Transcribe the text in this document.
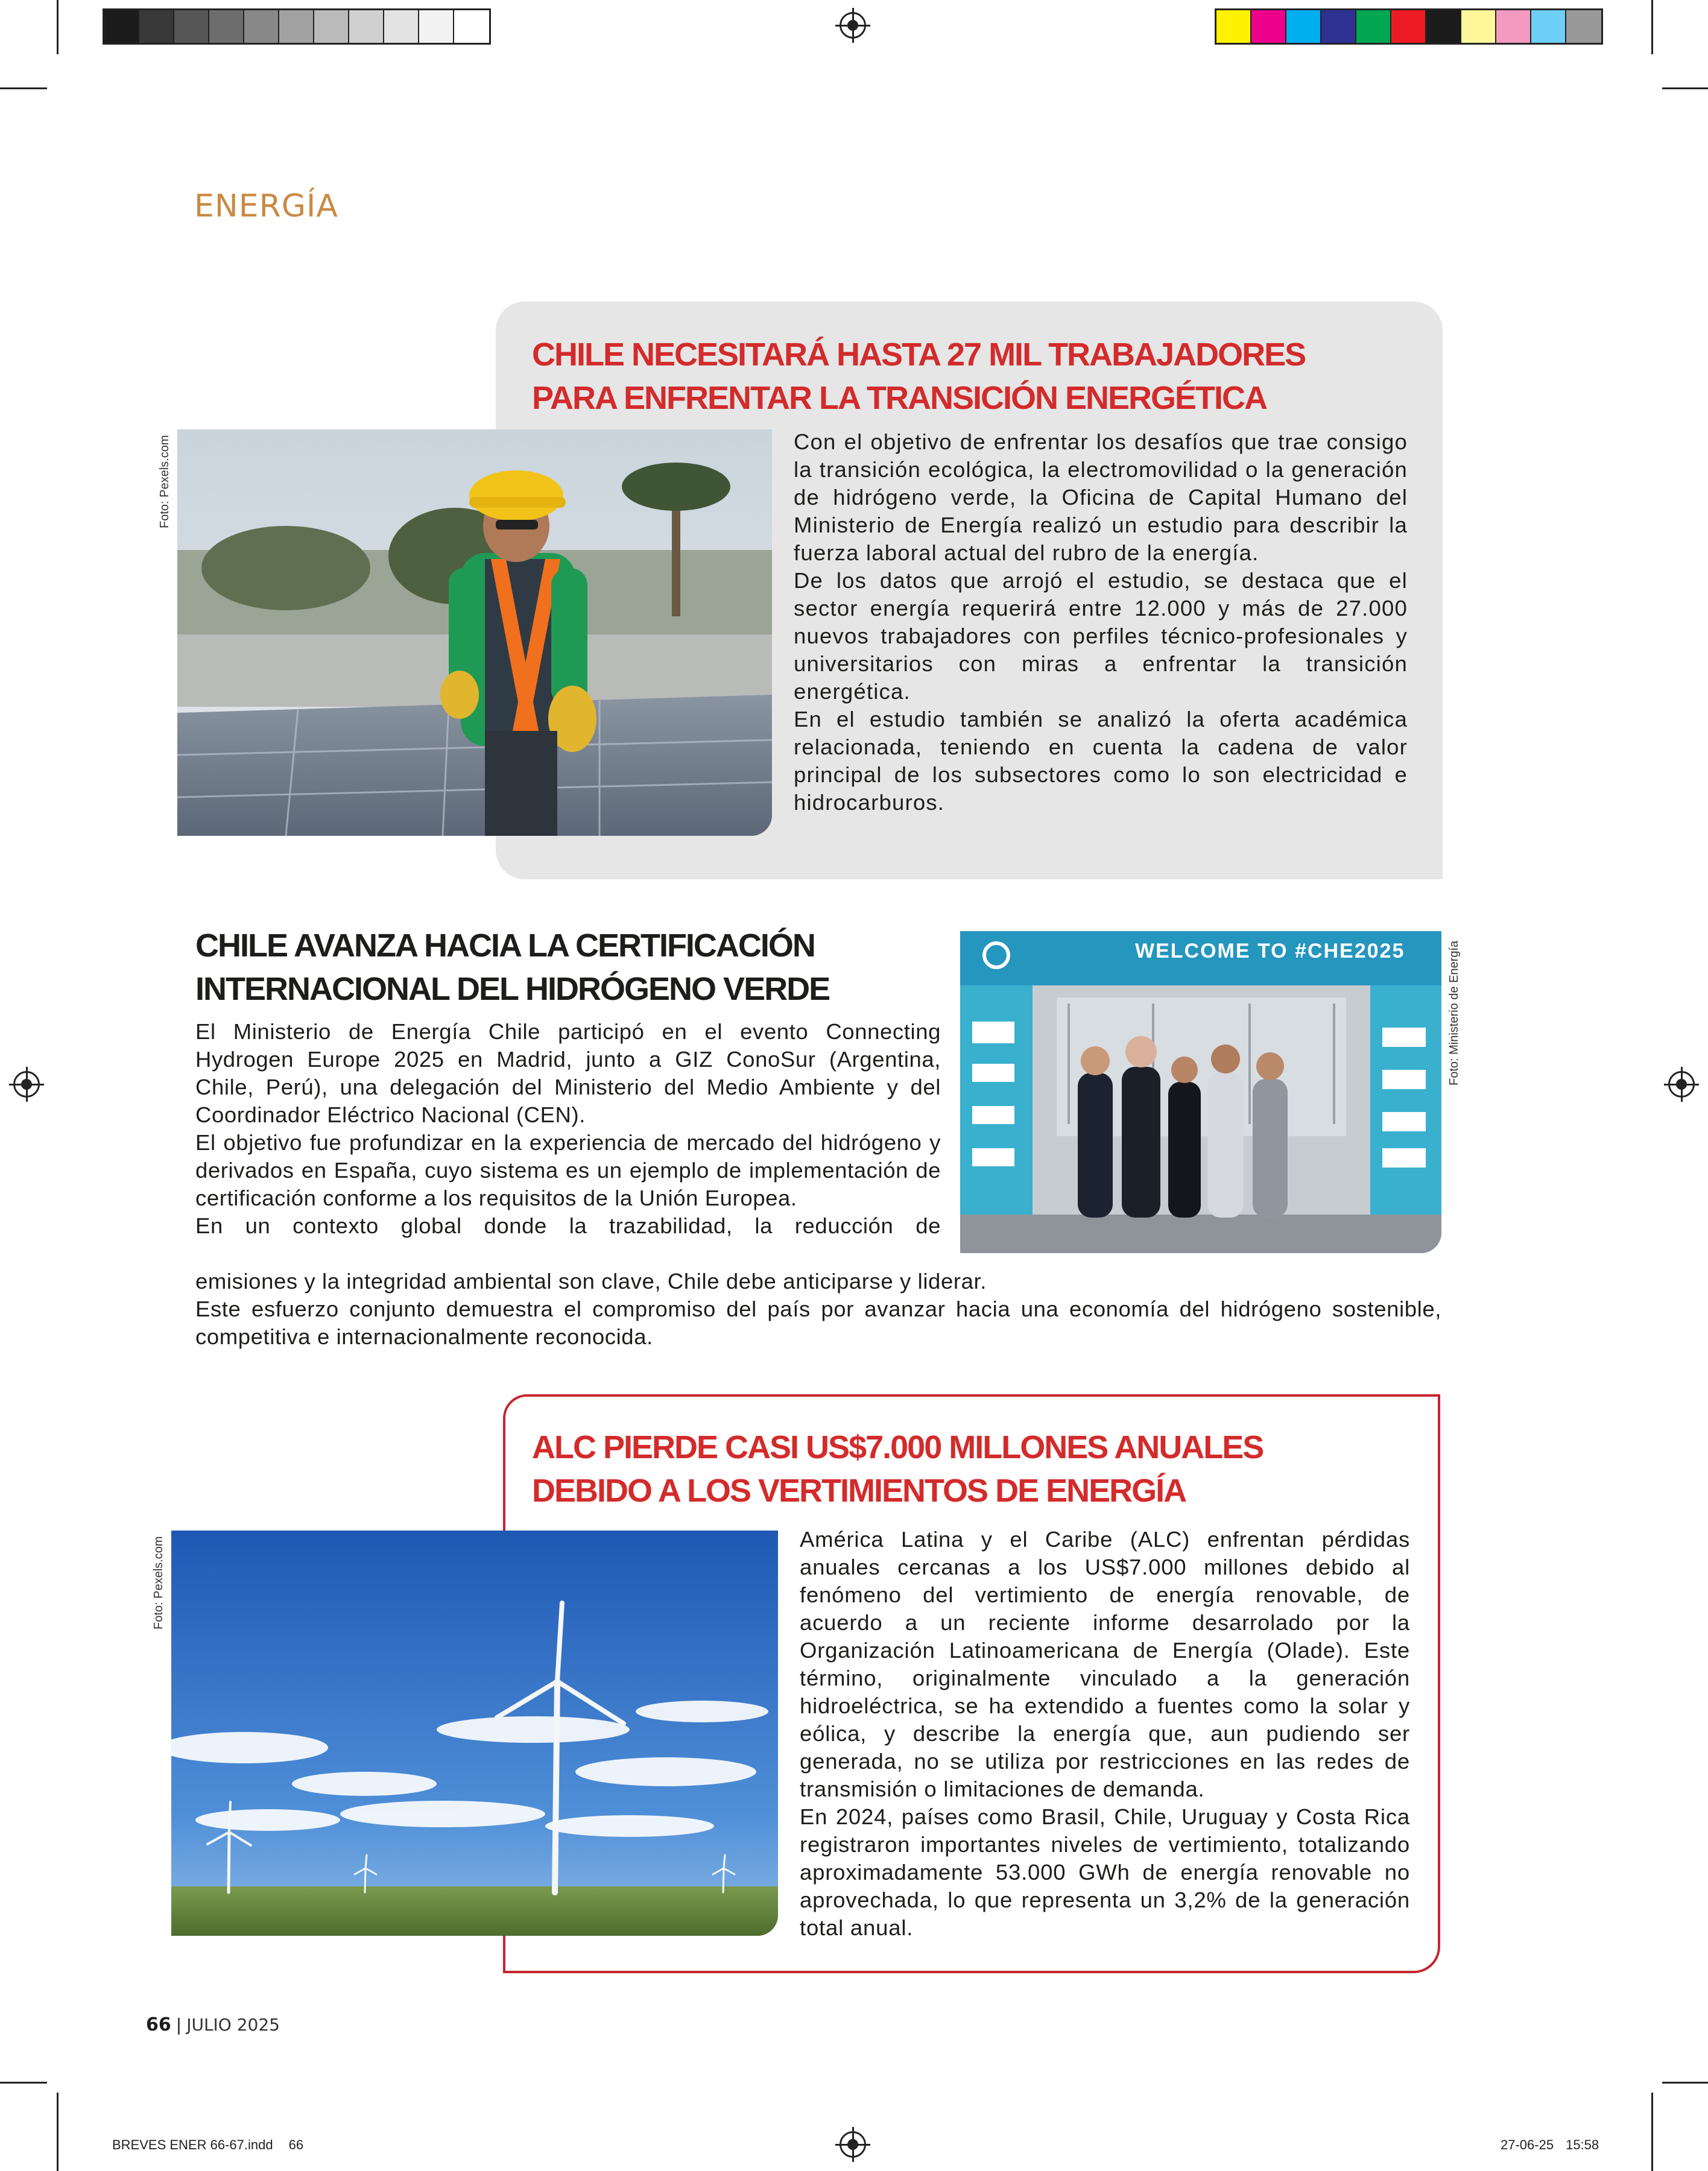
ENERGÍA
CHILE NECESITARÁ HASTA 27 MIL TRABAJADORES
PARA ENFRENTAR LA TRANSICIÓN ENERGÉTICA
Foto: Pexels.com	Con el objetivo de enfrentar los desafíos que trae consigo la transición ecológica, la electromovilidad o la generación de hidrógeno verde, la Oficina de Capital Humano del Ministerio de Energía realizó un estudio para describir la fuerza laboral actual del rubro de la energía.

De los datos que arrojó el estudio, se destaca que el sector energía requerirá entre 12.000 y más de 27.000 nuevos trabajadores con perfiles técnico-profesionales y universitarios con miras a enfrentar la transición energética.

En el estudio también se analizó la oferta académica relacionada, teniendo en cuenta la cadena de valor principal de los subsectores como lo son electricidad e hidrocarburos.

CHILE AVANZA HACIA LA CERTIFICACIÓN
INTERNACIONAL DEL HIDRÓGENO VERDE

El Ministerio de Energía Chile participó en el evento Connecting Hydrogen Europe 2025 en Madrid, junto a GIZ ConoSur (Argentina, Chile, Perú), una delegación del Ministerio del Medio Ambiente y del Coordinador Eléctrico Nacional (CEN).

El objetivo fue profundizar en la experiencia de mercado del hidrógeno y derivados en España, cuyo sistema es un ejemplo de implementación de certificación conforme a los requisitos de la Unión Europea.

En un contexto global donde la trazabilidad, la reducción de

emisiones y la integridad ambiental son clave, Chile debe anticiparse y liderar.

Este esfuerzo conjunto demuestra el compromiso del país por avanzar hacia una economía del hidrógeno sostenible, competitiva e internacionalmente reconocida.

WELCOME TO #CHE2025	Foto: Ministerio de Energía
ALC PIERDE CASI US$7.000 MILLONES ANUALES
DEBIDO A LOS VERTIMIENTOS DE ENERGÍA
Foto: Pexels.com	América Latina y el Caribe (ALC) enfrentan pérdidas anuales cercanas a los US$7.000 millones debido al fenómeno del vertimiento de energía renovable, de acuerdo a un reciente informe desarrolado por la Organización Latinoamericana de Energía (Olade). Este término, originalmente vinculado a la generación hidroeléctrica, se ha extendido a fuentes como la solar y eólica, y describe la energía que, aun pudiendo ser generada, no se utiliza por restricciones en las redes de transmisión o limitaciones de demanda.

En 2024, países como Brasil, Chile, Uruguay y Costa Rica registraron importantes niveles de vertimiento, totalizando aproximadamente 53.000 GWh de energía renovable no aprovechada, lo que representa un 3,2% de la generación total anual.

66 | JULIO 2025
BREVES ENER 66-67.indd 66	27-06-25 15:58
